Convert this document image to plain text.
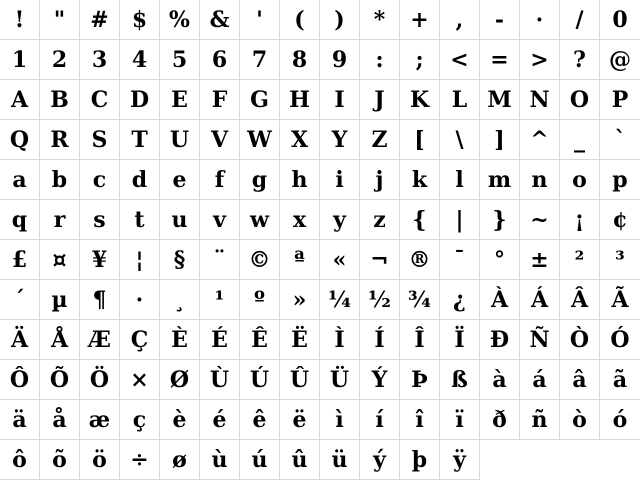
!	"	#	$ % &	'	(	)	*	+	,	-	·	/	0
1	2	3	4	5	6	7	8	9	:	;	< = >	?	@
A	B C D	E	F	G H	I	J	K	L M N O	P
Q R	S	T	U V W X	Y	Z	[	\	]	^	_	`
a	b	c	d	e	f	g	h	i	j	k	l	m n	o	p
q	r	s	t	u	v	w	x	y	z	{	|	}	~	¡	¢
£	¤	¥	¦	§	¨	©	ª	«	¬ ®	¯	°	±	²	³
´	µ	¶	·	¸	¹	º	» ¼ ½ ¾	¿	À	Á	Â	Ã
Ä	Å Æ Ç	È	É	Ê	Ë	Ì	Í	Î	Ï	Ð Ñ Ò Ó
Ô Õ Ö × Ø Ù Ú Û Ü	Ý	Þ	ß	à	á	â	ã
ä	å	æ	ç	è	é	ê	ë	ì	í	î	ï	ð	ñ	ò	ó
ô	õ	ö	÷	ø	ù	ú	û	ü	ý	þ	ÿ
